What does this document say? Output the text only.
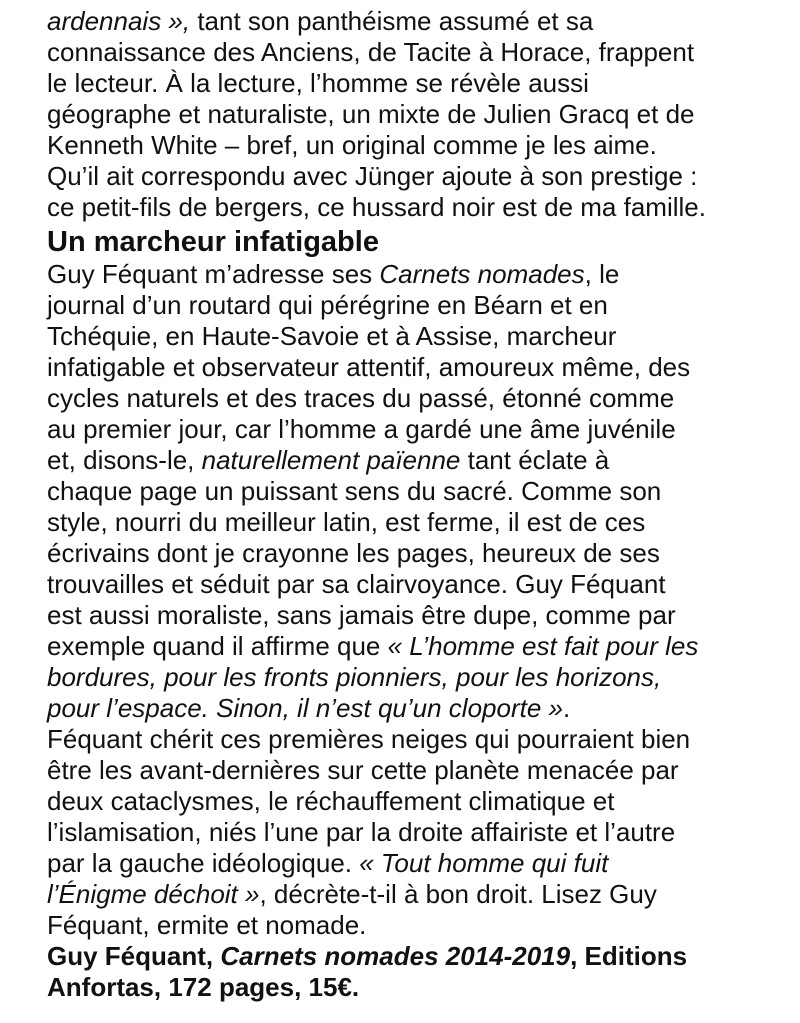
ardennais », tant son panthéisme assumé et sa
connaissance des Anciens, de Tacite à Horace, frappent
le lecteur. À la lecture, l’homme se révèle aussi
géographe et naturaliste, un mixte de Julien Gracq et de
Kenneth White – bref, un original comme je les aime.
Qu’il ait correspondu avec Jünger ajoute à son prestige :
ce petit-fils de bergers, ce hussard noir est de ma famille.
Un marcheur infatigable
Guy Féquant m’adresse ses Carnets nomades, le
journal d’un routard qui pérégrine en Béarn et en
Tchéquie, en Haute-Savoie et à Assise, marcheur
infatigable et observateur attentif, amoureux même, des
cycles naturels et des traces du passé, étonné comme
au premier jour, car l’homme a gardé une âme juvénile
et, disons-le, naturellement païenne tant éclate à
chaque page un puissant sens du sacré. Comme son
style, nourri du meilleur latin, est ferme, il est de ces
écrivains dont je crayonne les pages, heureux de ses
trouvailles et séduit par sa clairvoyance. Guy Féquant
est aussi moraliste, sans jamais être dupe, comme par
exemple quand il affirme que « L’homme est fait pour les
bordures, pour les fronts pionniers, pour les horizons,
pour l’espace. Sinon, il n’est qu’un cloporte ».
Féquant chérit ces premières neiges qui pourraient bien
être les avant-dernières sur cette planète menacée par
deux cataclysmes, le réchauffement climatique et
l’islamisation, niés l’une par la droite affairiste et l’autre
par la gauche idéologique. « Tout homme qui fuit
l’Énigme déchoit », décrète-t-il à bon droit. Lisez Guy
Féquant, ermite et nomade.
Guy Féquant, Carnets nomades 2014-2019, Editions
Anfortas, 172 pages, 15€.
